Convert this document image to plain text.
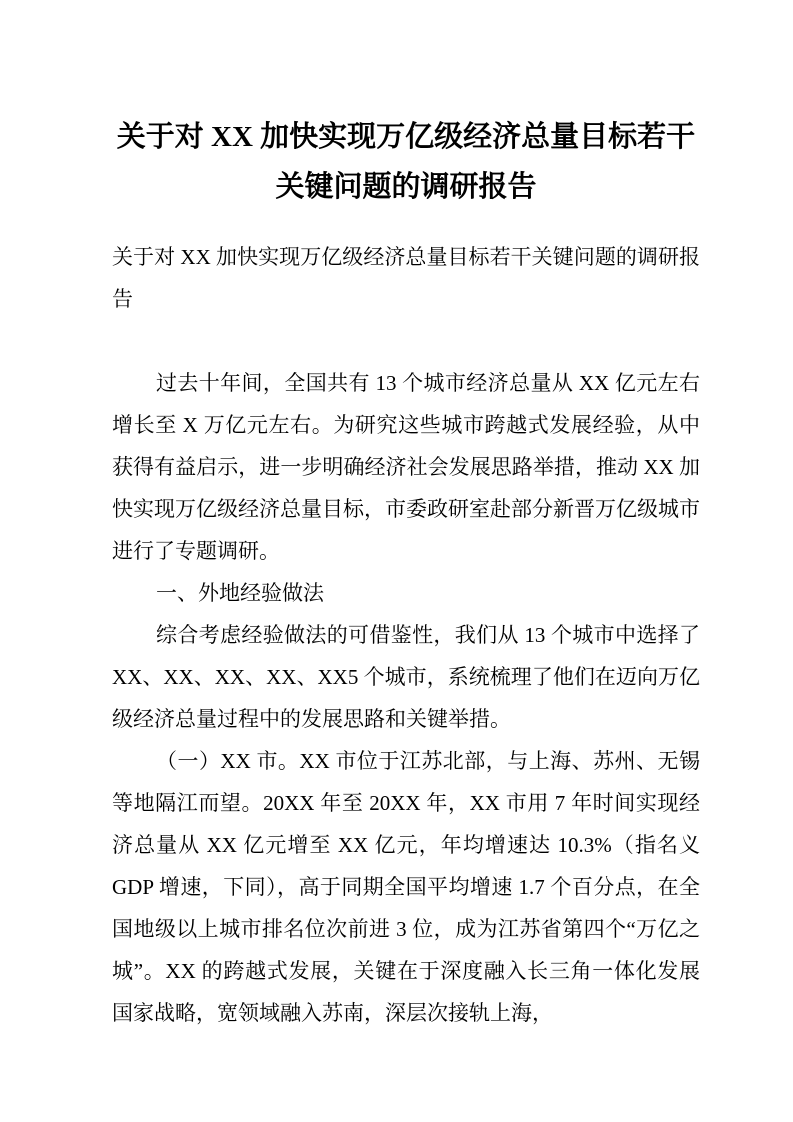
关于对 XX 加快实现万亿级经济总量目标若干关键问题的调研报告

关于对 XX 加快实现万亿级经济总量目标若干关键问题的调研报告

过去十年间，全国共有 13 个城市经济总量从 XX 亿元左右增长至 X 万亿元左右。为研究这些城市跨越式发展经验，从中获得有益启示，进一步明确经济社会发展思路举措，推动 XX 加快实现万亿级经济总量目标，市委政研室赴部分新晋万亿级城市进行了专题调研。

一、外地经验做法

综合考虑经验做法的可借鉴性，我们从 13 个城市中选择了 XX、XX、XX、XX、XX5 个城市，系统梳理了他们在迈向万亿级经济总量过程中的发展思路和关键举措。

（一）XX 市。XX 市位于江苏北部，与上海、苏州、无锡等地隔江而望。20XX 年至 20XX 年，XX 市用 7 年时间实现经济总量从 XX 亿元增至 XX 亿元，年均增速达 10.3%（指名义 GDP 增速，下同），高于同期全国平均增速 1.7 个百分点，在全国地级以上城市排名位次前进 3 位，成为江苏省第四个“万亿之城”。XX 的跨越式发展，关键在于深度融入长三角一体化发展国家战略，宽领域融入苏南，深层次接轨上海，
